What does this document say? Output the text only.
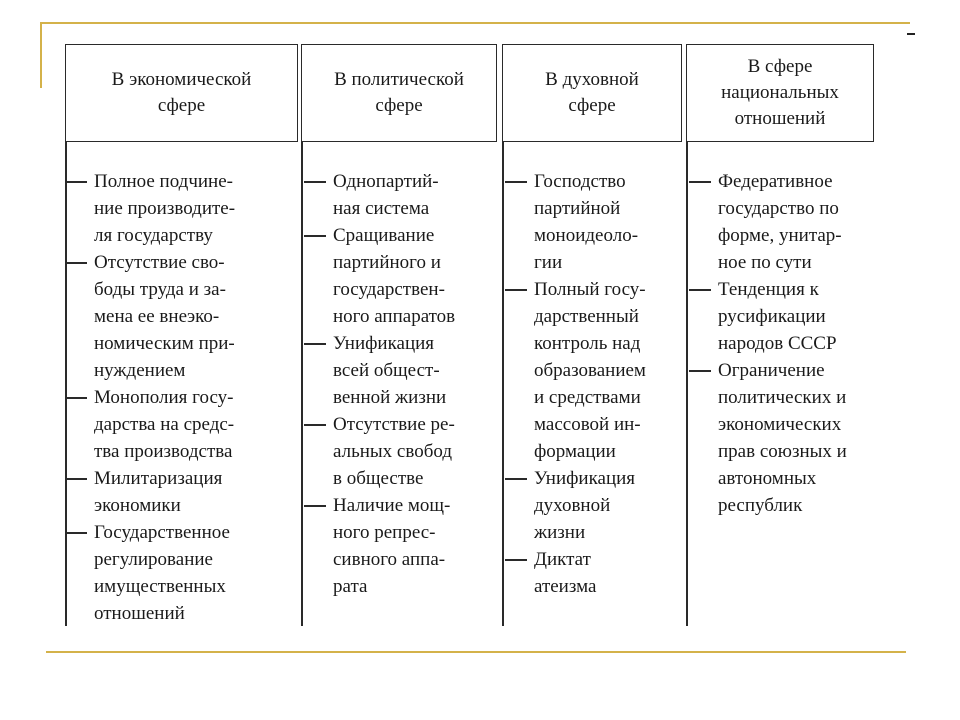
В экономической
сфере
Полное подчине-
ние производите-
ля государству
Отсутствие сво-
боды труда и за-
мена ее внеэко-
номическим при-
нуждением
Монополия госу-
дарства на средс-
тва производства
Милитаризация
экономики
Государственное
регулирование
имущественных
отношений
В политической
сфере
Однопартий-
ная система
Сращивание
партийного и
государствен-
ного аппаратов
Унификация
всей общест-
венной жизни
Отсутствие ре-
альных свобод
в обществе
Наличие мощ-
ного репрес-
сивного аппа-
рата
В духовной
сфере
Господство
партийной
моноидеоло-
гии
Полный госу-
дарственный
контроль над
образованием
и средствами
массовой ин-
формации
Унификация
духовной
жизни
Диктат
атеизма
В сфере
национальных
отношений
Федеративное
государство по
форме, унитар-
ное по сути
Тенденция к
русификации
народов СССР
Ограничение
политических и
экономических
прав союзных и
автономных
республик
